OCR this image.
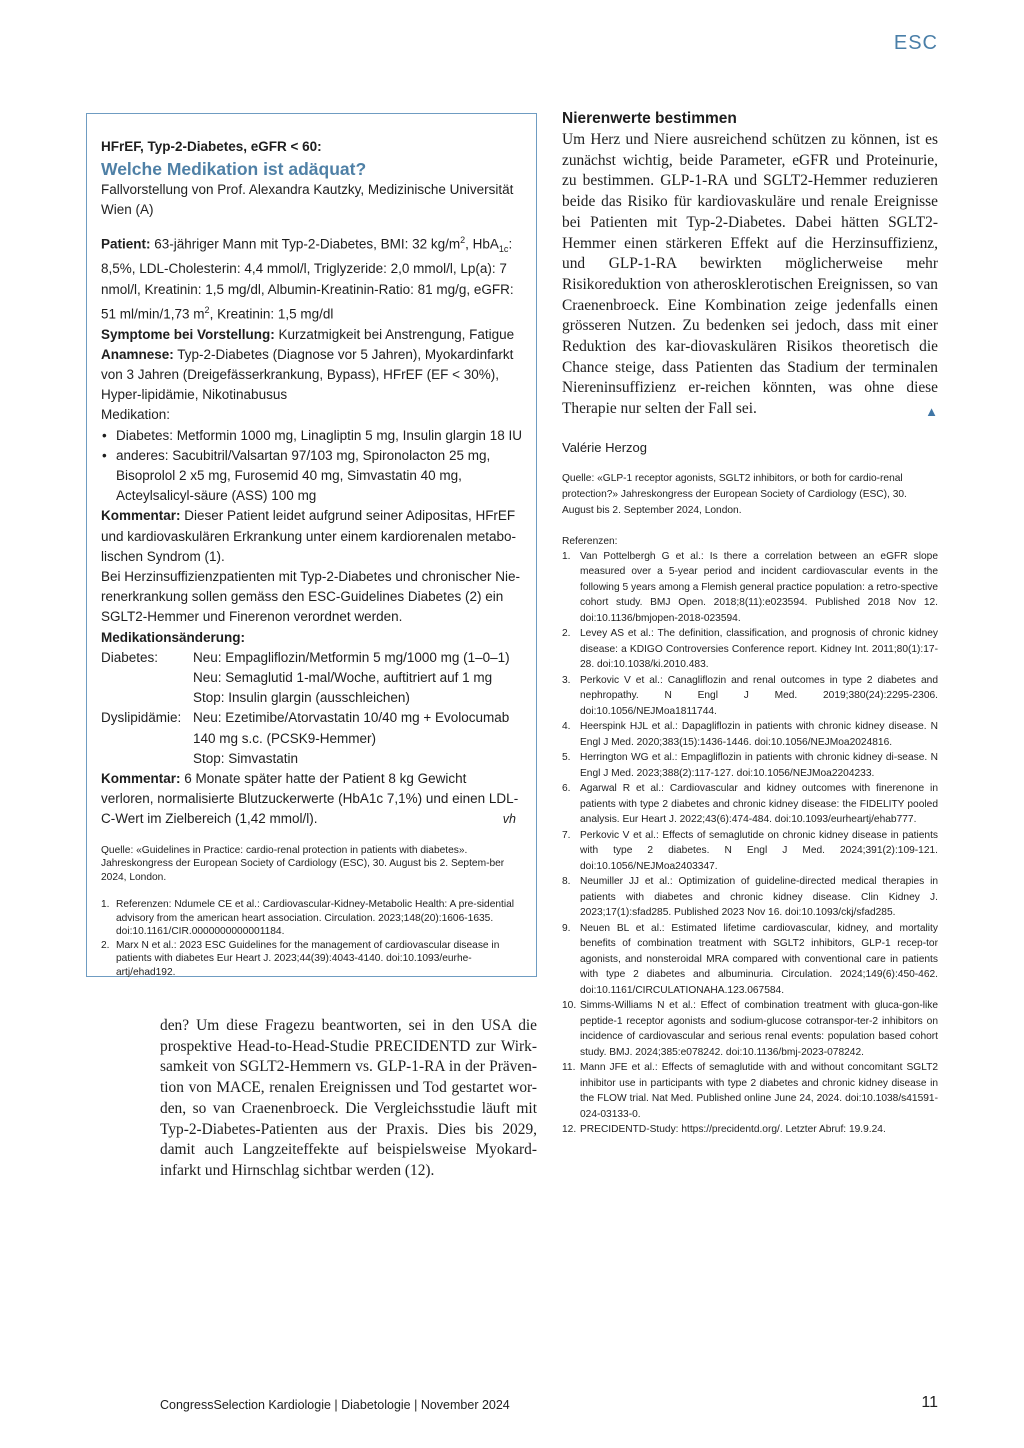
ESC
HFrEF, Typ-2-Diabetes, eGFR < 60:
Welche Medikation ist adäquat?
Fallvorstellung von Prof. Alexandra Kautzky, Medizinische Universität Wien (A)

Patient: 63-jähriger Mann mit Typ-2-Diabetes, BMI: 32 $kg/m^2$, HbA$_{1c}$: 8,5%, LDL-Cholesterin: 4,4 mmol/l, Triglyzeride: 2,0 mmol/l, Lp(a): 7 nmol/l, Kreatinin: 1,5 mg/dl, Albumin-Kreatinin-Ratio: 81 mg/g, eGFR: 51 ml/min/1,73 $m^2$, Kreatinin: 1,5 mg/dl

Symptome bei Vorstellung: Kurzatmigkeit bei Anstrengung, Fatigue

Anamnese: Typ-2-Diabetes (Diagnose vor 5 Jahren), Myokardinfarkt von 3 Jahren (Dreigefässerkrankung, Bypass), HFrEF (EF < 30%), Hyper-lipidämie, Nikotinabusus

Medikation:

• Diabetes: Metformin 1000 mg, Linagliptin 5 mg, Insulin glargin 18 IU
• anderes: Sacubitril/Valsartan 97/103 mg, Spironolacton 25 mg, Bisoprolol 2 x5 mg, Furosemid 40 mg, Simvastatin 40 mg, Acteylsalicyl-säure (ASS) 100 mg

Kommentar: Dieser Patient leidet aufgrund seiner Adipositas, HFrEF und kardiovaskulären Erkrankung unter einem kardiorenalen metabo-lischen Syndrom (1).

Bei Herzinsuffizienzpatienten mit Typ-2-Diabetes und chronischer Nie-renerkrankung sollen gemäss den ESC-Guidelines Diabetes (2) ein SGLT2-Hemmer und Finerenon verordnet werden.

Medikationsänderung:

Diabetes:	Neu: Empagliflozin/Metformin 5 mg/1000 mg (1–0–1)
Neu: Semaglutid 1-mal/Woche, auftitriert auf 1 mg
Stop: Insulin glargin (ausschleichen)
Dyslipidämie: Neu: Ezetimibe/Atorvastatin 10/40 mg + Evolocumab 140 mg s.c. (PCSK9-Hemmer)
Stop: Simvastatin

Kommentar: 6 Monate später hatte der Patient 8 kg Gewicht verloren, normalisierte Blutzuckerwerte (HbA1c 7,1%) und einen LDL-C-Wert im Zielbereich (1,42 mmol/l).	vh

Quelle: «Guidelines in Practice: cardio-renal protection in patients with diabetes». Jahreskongress der European Society of Cardiology (ESC), 30. August bis 2. Septem-ber 2024, London.
1. Referenzen: Ndumele CE et al.: Cardiovascular-Kidney-Metabolic Health: A pre-sidential advisory from the american heart association. Circulation. 2023;148(20):1606-1635. doi:10.1161/CIR.0000000000001184.
2. Marx N et al.: 2023 ESC Guidelines for the management of cardiovascular disease in patients with diabetes Eur Heart J. 2023;44(39):4043-4140. doi:10.1093/eurhe-artj/ehad192.
den? Um diese Fragezu beantworten, sei in den USA die prospektive Head-to-Head-Studie PRECIDENTD zur Wirk-samkeit von SGLT2-Hemmern vs. GLP-1-RA in der Präven-tion von MACE, renalen Ereignissen und Tod gestartet wor-den, so van Craenenbroeck. Die Vergleichsstudie läuft mit Typ-2-Diabetes-Patienten aus der Praxis. Dies bis 2029, damit auch Langzeiteffekte auf beispielsweise Myokard-infarkt und Hirnschlag sichtbar werden (12).
Nierenwerte bestimmen
Um Herz und Niere ausreichend schützen zu können, ist es zunächst wichtig, beide Parameter, eGFR und Proteinurie, zu bestimmen. GLP-1-RA und SGLT2-Hemmer reduzieren beide das Risiko für kardiovaskuläre und renale Ereignisse bei Patienten mit Typ-2-Diabetes. Dabei hätten SGLT2-Hemmer einen stärkeren Effekt auf die Herzinsuffizienz, und GLP-1-RA bewirkten möglicherweise mehr Risikoreduktion von atherosklerotischen Ereignissen, so van Craenenbroeck. Eine Kombination zeige jedenfalls einen grösseren Nutzen. Zu bedenken sei jedoch, dass mit einer Reduktion des kar-diovaskulären Risikos theoretisch die Chance steige, dass Patienten das Stadium der terminalen Niereninsuffizienz er-reichen könnten, was ohne diese Therapie nur selten der Fall sei.	▲
Valérie Herzog
Quelle: «GLP-1 receptor agonists, SGLT2 inhibitors, or both for cardio-renal protection?» Jahreskongress der European Society of Cardiology (ESC), 30. August bis 2. September 2024, London.
Referenzen:
1. Van Pottelbergh G et al.: Is there a correlation between an eGFR slope measured over a 5-year period and incident cardiovascular events in the following 5 years among a Flemish general practice population: a retro-spective cohort study. BMJ Open. 2018;8(11):e023594. Published 2018 Nov 12. doi:10.1136/bmjopen-2018-023594.
2. Levey AS et al.: The definition, classification, and prognosis of chronic kidney disease: a KDIGO Controversies Conference report. Kidney Int. 2011;80(1):17-28. doi:10.1038/ki.2010.483.
3. Perkovic V et al.: Canagliflozin and renal outcomes in type 2 diabetes and nephropathy. N Engl J Med. 2019;380(24):2295-2306. doi:10.1056/NEJMoa1811744.
4. Heerspink HJL et al.: Dapagliflozin in patients with chronic kidney disease. N Engl J Med. 2020;383(15):1436-1446. doi:10.1056/NEJMoa2024816.
5. Herrington WG et al.: Empagliflozin in patients with chronic kidney di-sease. N Engl J Med. 2023;388(2):117-127. doi:10.1056/NEJMoa2204233.
6. Agarwal R et al.: Cardiovascular and kidney outcomes with finerenone in patients with type 2 diabetes and chronic kidney disease: the FIDELITY pooled analysis. Eur Heart J. 2022;43(6):474-484. doi:10.1093/eurheartj/ehab777.
7. Perkovic V et al.: Effects of semaglutide on chronic kidney disease in patients with type 2 diabetes. N Engl J Med. 2024;391(2):109-121. doi:10.1056/NEJMoa2403347.
8. Neumiller JJ et al.: Optimization of guideline-directed medical therapies in patients with diabetes and chronic kidney disease. Clin Kidney J. 2023;17(1):sfad285. Published 2023 Nov 16. doi:10.1093/ckj/sfad285.
9. Neuen BL et al.: Estimated lifetime cardiovascular, kidney, and mortality benefits of combination treatment with SGLT2 inhibitors, GLP-1 recep-tor agonists, and nonsteroidal MRA compared with conventional care in patients with type 2 diabetes and albuminuria. Circulation. 2024;149(6):450-462. doi:10.1161/CIRCULATIONAHA.123.067584.
10. Simms-Williams N et al.: Effect of combination treatment with gluca-gon-like peptide-1 receptor agonists and sodium-glucose cotranspor-ter-2 inhibitors on incidence of cardiovascular and serious renal events: population based cohort study. BMJ. 2024;385:e078242. doi:10.1136/bmj-2023-078242.
11. Mann JFE et al.: Effects of semaglutide with and without concomitant SGLT2 inhibitor use in participants with type 2 diabetes and chronic kidney disease in the FLOW trial. Nat Med. Published online June 24, 2024. doi:10.1038/s41591-024-03133-0.
12. PRECIDENTD-Study: https://precidentd.org/. Letzter Abruf: 19.9.24.
CongressSelection Kardiologie | Diabetologie | November 2024	11
